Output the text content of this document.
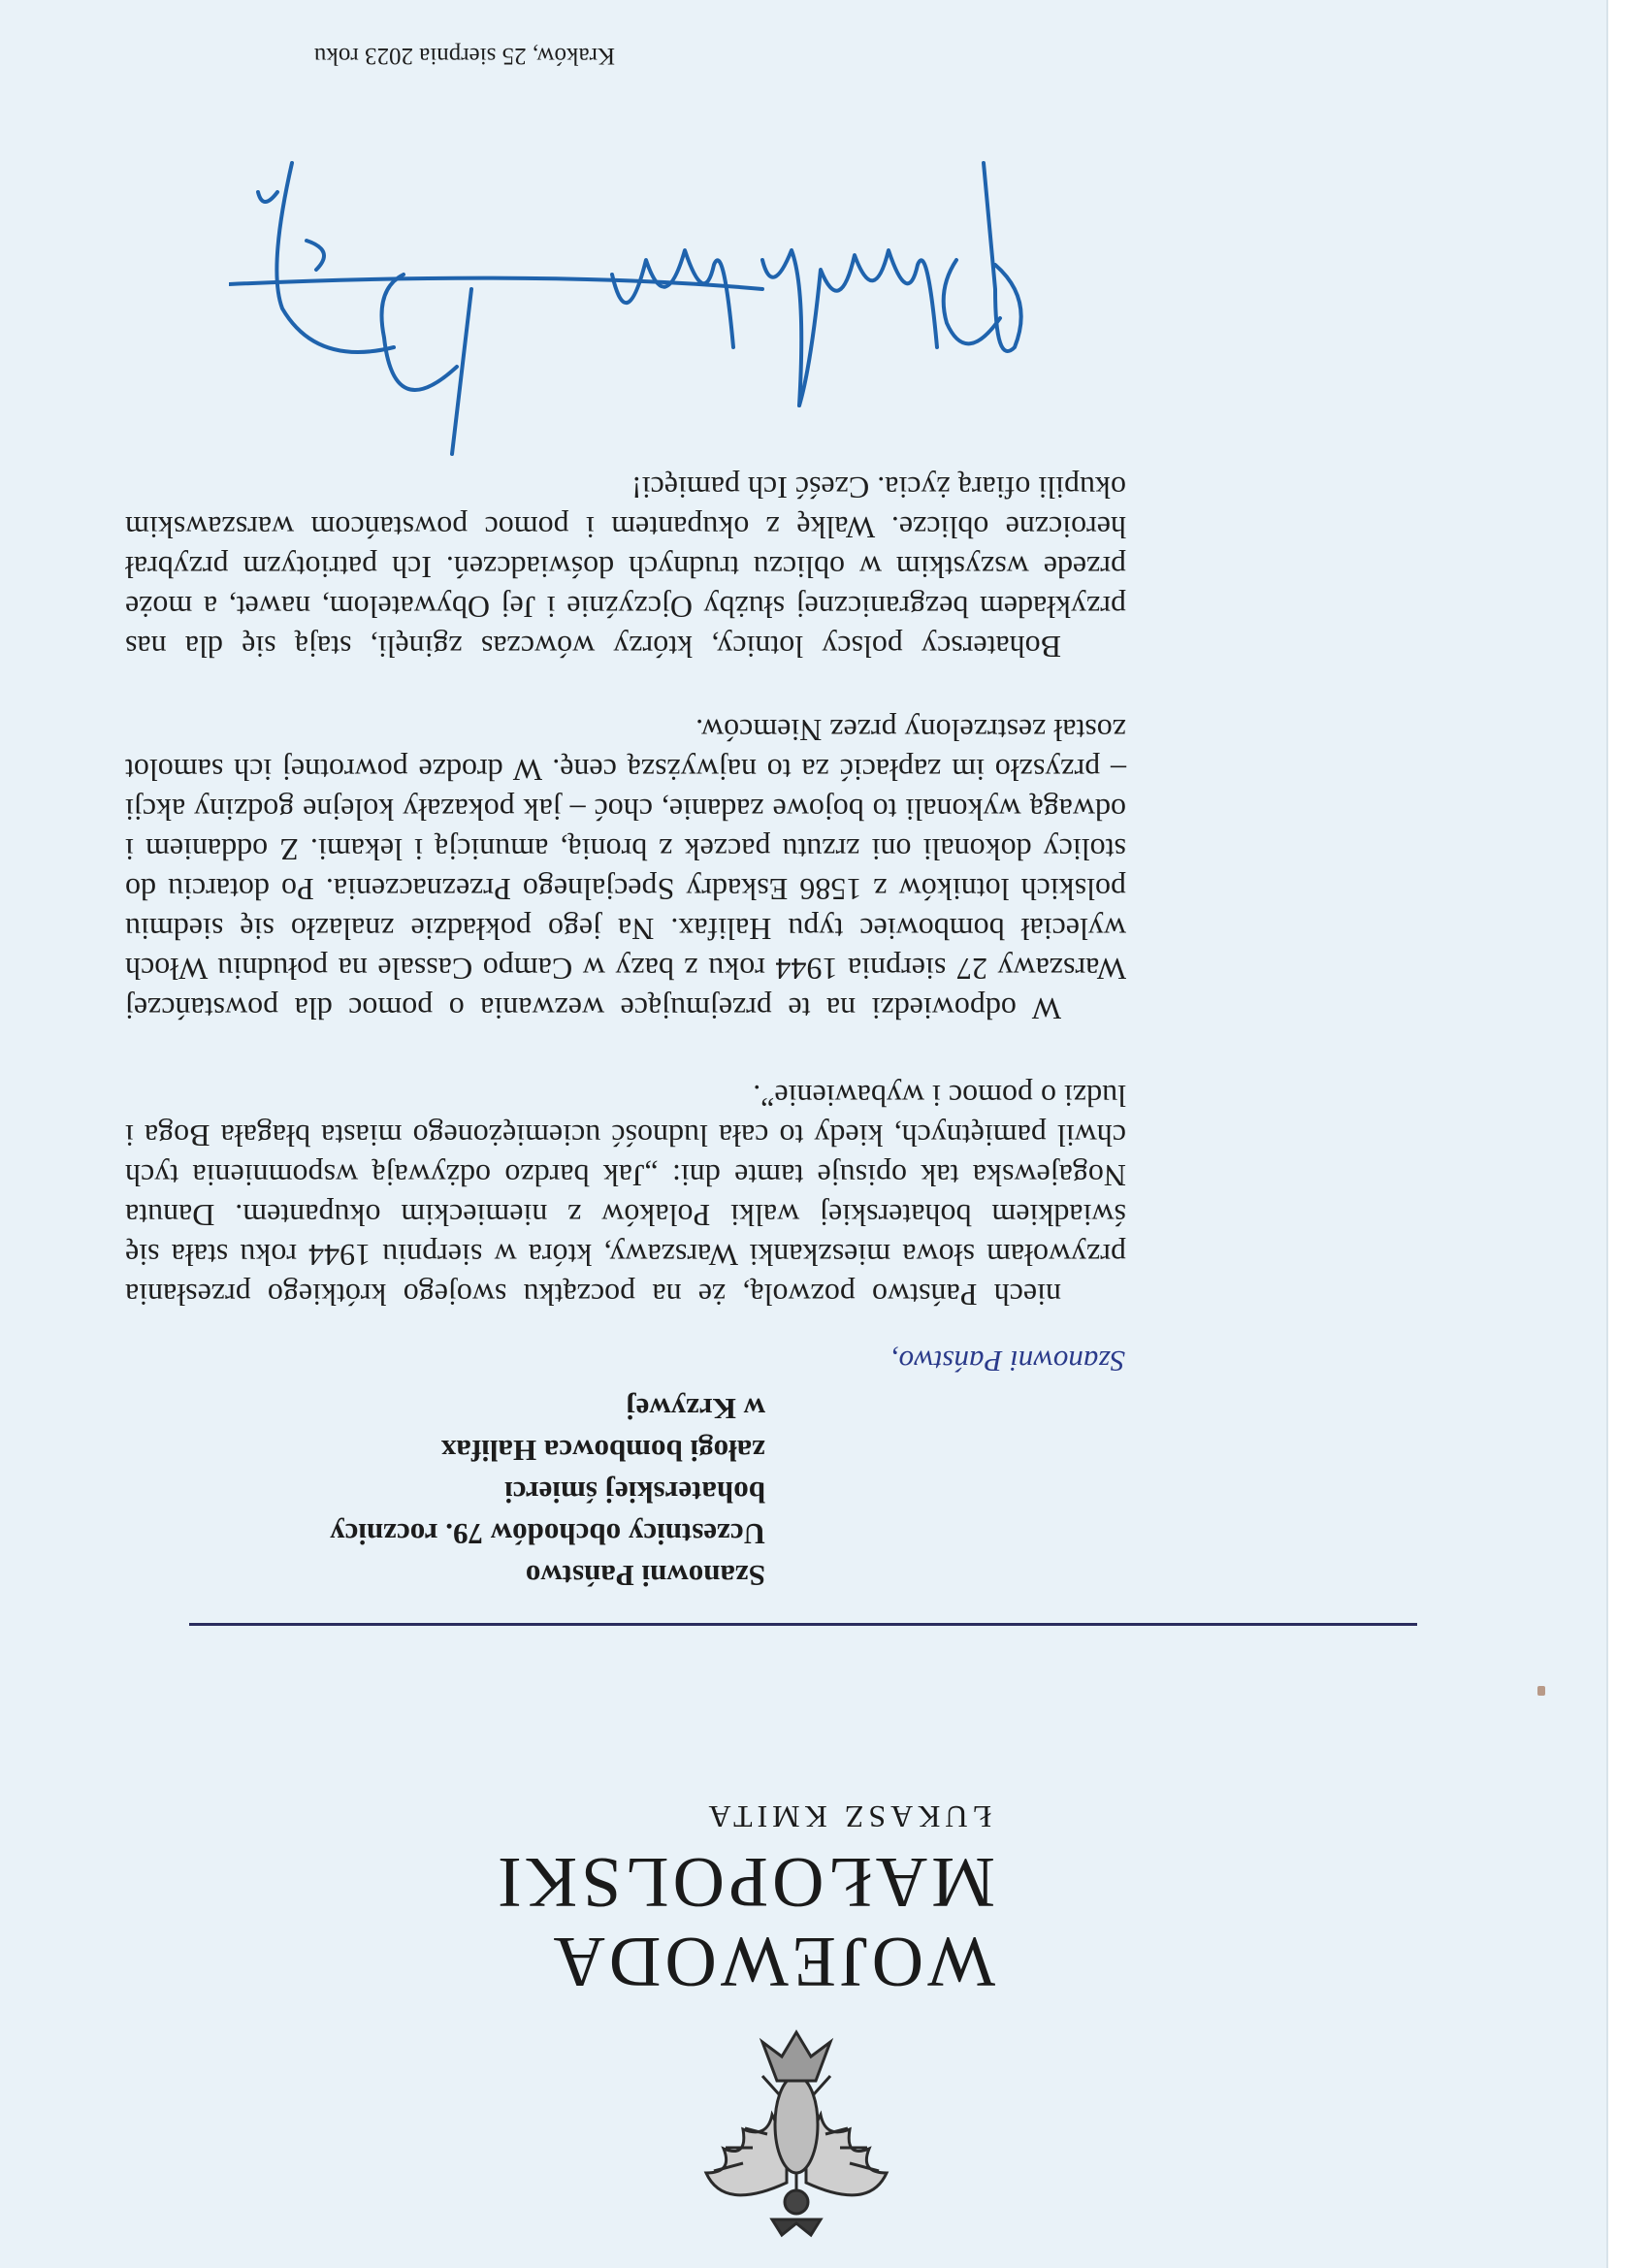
WOJEWODA
MAŁOPOLSKI
ŁUKASZ KMITA
Szanowni Państwo
Uczestnicy obchodów 79. rocznicy
bohaterskiej śmierci
załogi bombowca Halifax
w Krzywej
Szanowni Państwo,

niech Państwo pozwolą, że na początku swojego krótkiego przesłania przywołam słowa mieszkanki Warszawy, która w sierpniu 1944 roku stała się świadkiem bohaterskiej walki Polaków z niemieckim okupantem. Danuta Nogajewska tak opisuje tamte dni: „Jak bardzo odżywają wspomnienia tych chwil pamiętnych, kiedy to cała ludność uciemiężonego miasta błagała Boga i ludzi o pomoc i wybawienie”.

W odpowiedzi na te przejmujące wezwania o pomoc dla powstańczej Warszawy 27 sierpnia 1944 roku z bazy w Campo Cassale na południu Włoch wyleciał bombowiec typu Halifax. Na jego pokładzie znalazło się siedmiu polskich lotników z 1586 Eskadry Specjalnego Przeznaczenia. Po dotarciu do stolicy dokonali oni zrzutu paczek z bronią, amunicją i lekami. Z oddaniem i odwagą wykonali to bojowe zadanie, choć – jak pokazały kolejne godziny akcji – przyszło im zapłacić za to najwyższą cenę. W drodze powrotnej ich samolot został zestrzelony przez Niemców.

Bohaterscy polscy lotnicy, którzy wówczas zginęli, stają się dla nas przykładem bezgranicznej służby Ojczyźnie i Jej Obywatelom, nawet, a może przede wszystkim w obliczu trudnych doświadczeń. Ich patriotyzm przybrał heroiczne oblicze. Walkę z okupantem i pomoc powstańcom warszawskim okupili ofiarą życia. Cześć Ich pamięci!

Kraków, 25 sierpnia 2023 roku
